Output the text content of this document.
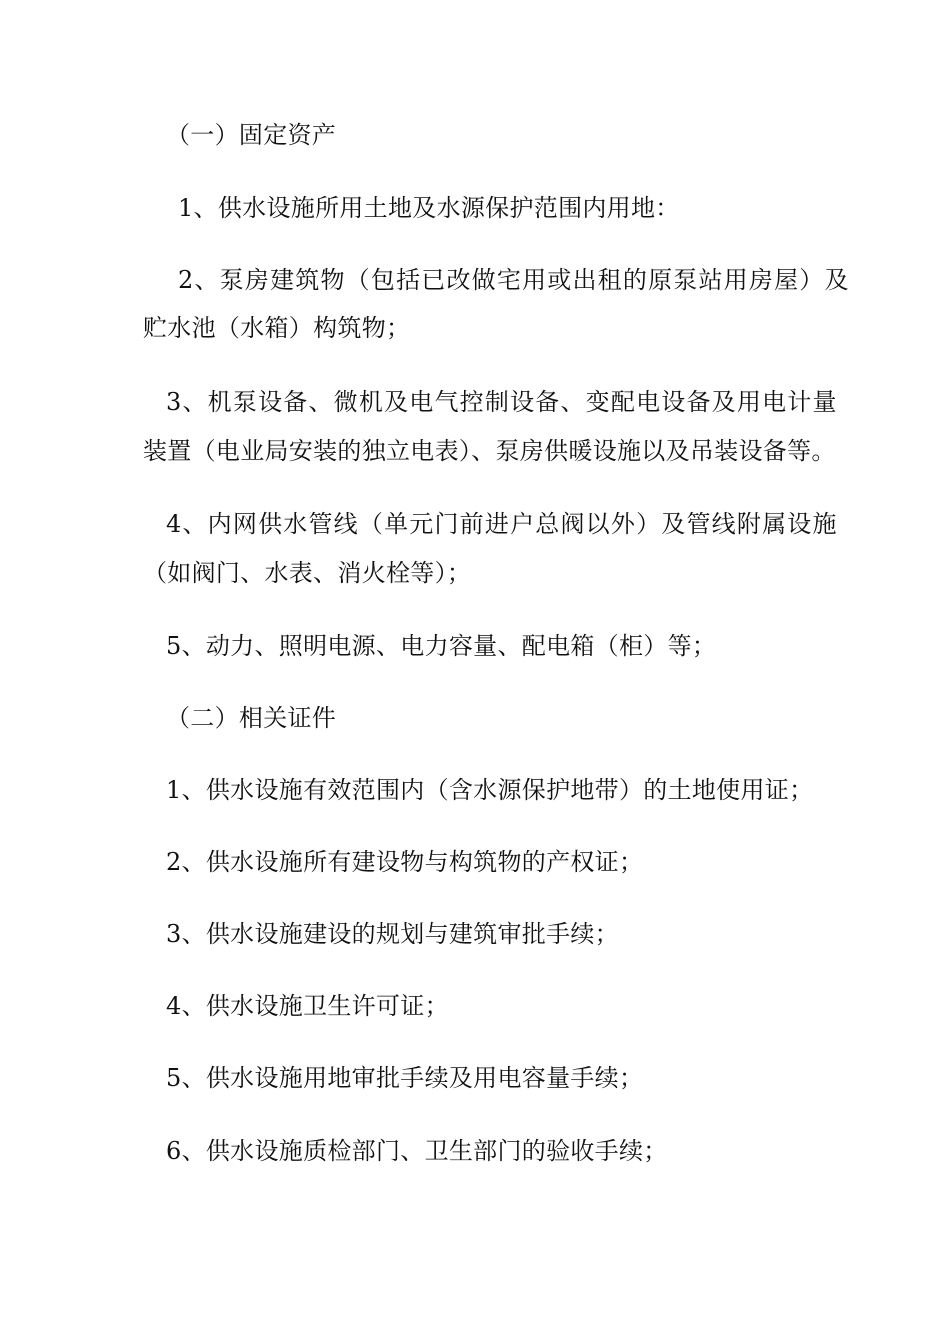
（一）固定资产
1、供水设施所用土地及水源保护范围内用地：
2、泵房建筑物（包括已改做宅用或出租的原泵站用房屋）及
贮水池（水箱）构筑物；
3、机泵设备、微机及电气控制设备、变配电设备及用电计量
装置（电业局安装的独立电表）、泵房供暖设施以及吊装设备等。
4、内网供水管线（单元门前进户总阀以外）及管线附属设施
（如阀门、水表、消火栓等）；
5、动力、照明电源、电力容量、配电箱（柜）等；
（二）相关证件
1、供水设施有效范围内（含水源保护地带）的土地使用证；
2、供水设施所有建设物与构筑物的产权证；
3、供水设施建设的规划与建筑审批手续；
4、供水设施卫生许可证；
5、供水设施用地审批手续及用电容量手续；
6、供水设施质检部门、卫生部门的验收手续；
